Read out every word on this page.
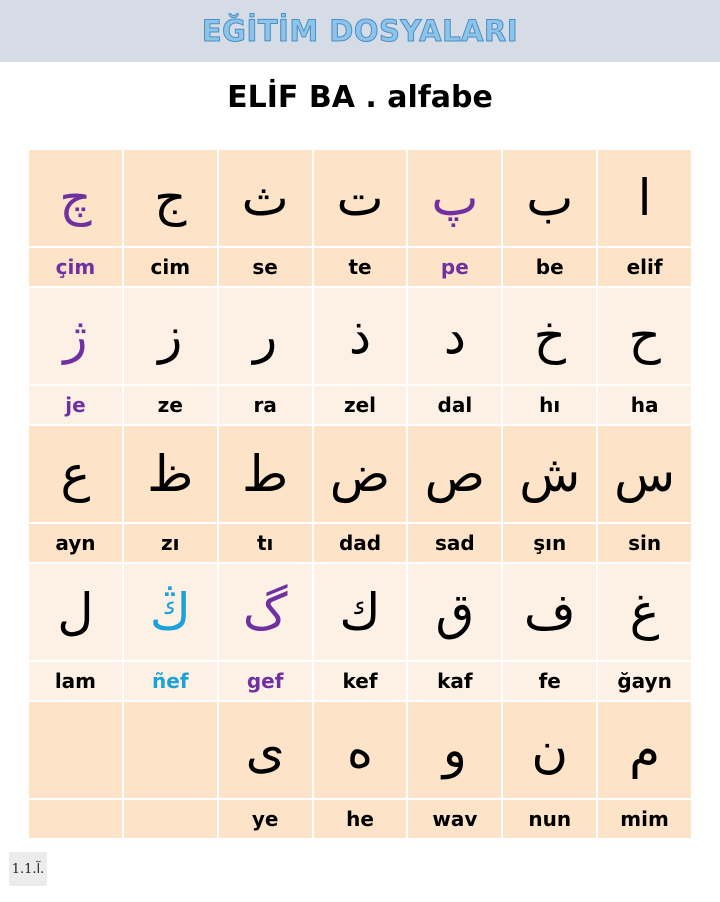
EĞİTİM DOSYALARI
ELİF BA . alfabe
ا
ب
پ
ت
ث
ج
چ
elif
be
pe
te
se
cim
çim
ح
خ
د
ذ
ر
ز
ژ
ha
hı
dal
zel
ra
ze
je
س
ش
ص
ض
ط
ظ
ع
sin
şın
sad
dad
tı
zı
ayn
غ
ف
ق
ك
گ
ڭ
ل
ğayn
fe
kaf
kef
gef
ñef
lam
م
ن
و
ه
ى
mim
nun
wav
he
ye
آ.1.1.
